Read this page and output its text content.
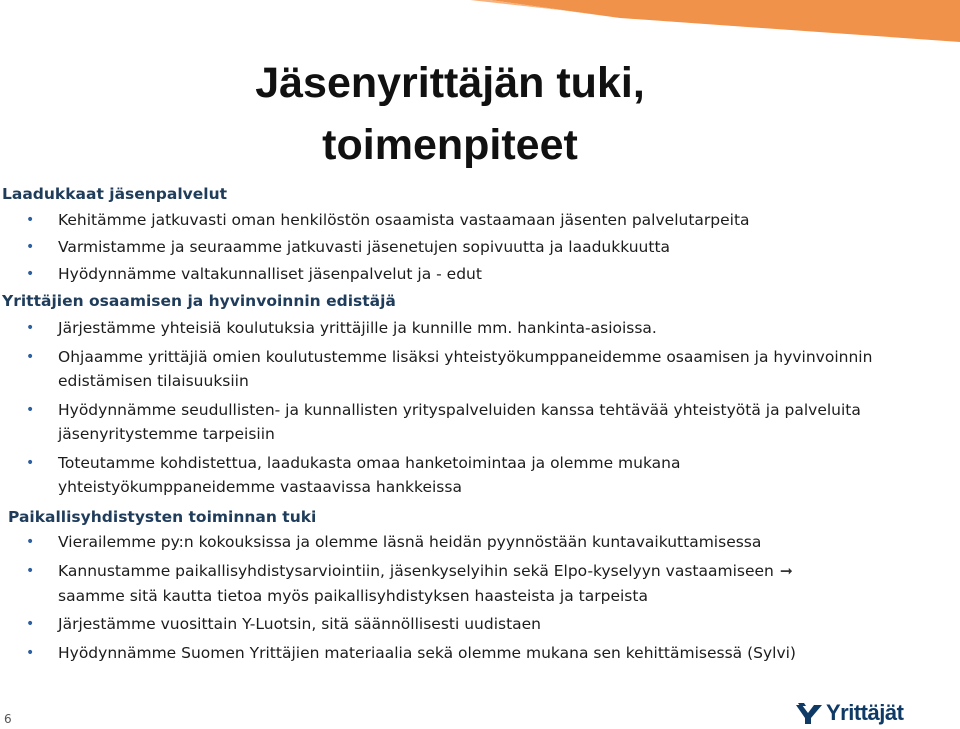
Jäsenyrittäjän tuki,
toimenpiteet
Laadukkaat jäsenpalvelut
• Kehitämme jatkuvasti oman henkilöstön osaamista vastaamaan jäsenten palvelutarpeita
• Varmistamme ja seuraamme jatkuvasti jäsenetujen sopivuutta ja laadukkuutta
• Hyödynnämme valtakunnalliset jäsenpalvelut ja - edut
Yrittäjien osaamisen ja hyvinvoinnin edistäjä
• Järjestämme yhteisiä koulutuksia yrittäjille ja kunnille mm. hankinta-asioissa.
• Ohjaamme yrittäjiä omien koulutustemme lisäksi yhteistyökumppaneidemme osaamisen ja hyvinvoinnin edistämisen tilaisuuksiin
• Hyödynnämme seudullisten- ja kunnallisten yrityspalveluiden kanssa tehtävää yhteistyötä ja palveluita jäsenyritystemme tarpeisiin
• Toteutamme kohdistettua, laadukasta omaa hanketoimintaa ja olemme mukana yhteistyökumppaneidemme vastaavissa hankkeissa
Paikallisyhdistysten toiminnan tuki
• Vierailemme py:n kokouksissa ja olemme läsnä heidän pyynnöstään kuntavaikuttamisessa
• Kannustamme paikallisyhdistysarviointiin, jäsenkyselyihin sekä Elpo-kyselyyn vastaamiseen ➞
saamme sitä kautta tietoa myös paikallisyhdistyksen haasteista ja tarpeista
• Järjestämme vuosittain Y-Luotsin, sitä säännöllisesti uudistaen
• Hyödynnämme Suomen Yrittäjien materiaalia sekä olemme mukana sen kehittämisessä (Sylvi)
6	Yrittäjät
